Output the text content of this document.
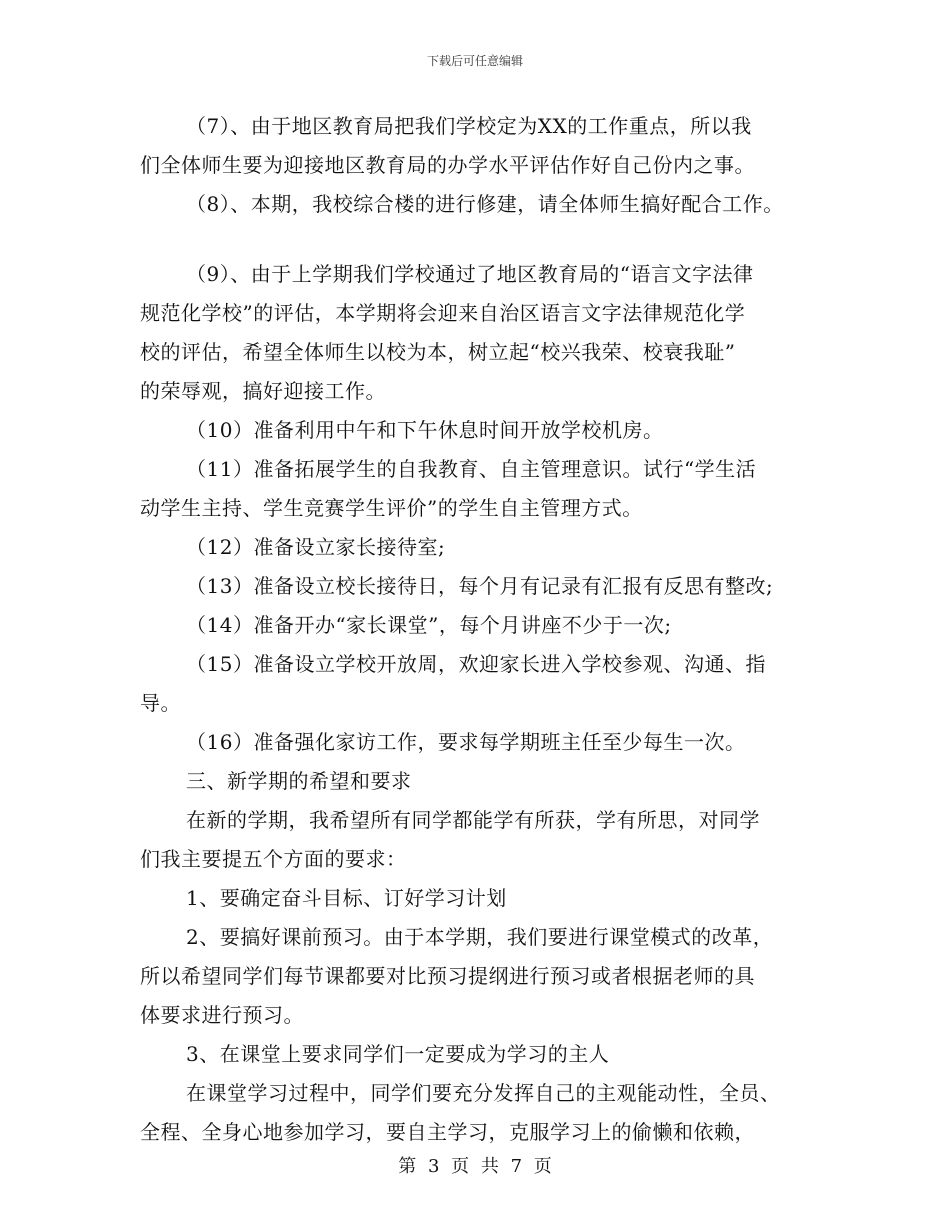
下载后可任意编辑
（7）、由于地区教育局把我们学校定为XX的工作重点，所以我
们全体师生要为迎接地区教育局的办学水平评估作好自己份内之事。
（8）、本期，我校综合楼的进行修建，请全体师生搞好配合工作。
（9）、由于上学期我们学校通过了地区教育局的“语言文字法律
规范化学校”的评估，本学期将会迎来自治区语言文字法律规范化学
校的评估，希望全体师生以校为本，树立起“校兴我荣、校衰我耻”
的荣辱观，搞好迎接工作。
（10）准备利用中午和下午休息时间开放学校机房。
（11）准备拓展学生的自我教育、自主管理意识。试行“学生活
动学生主持、学生竞赛学生评价”的学生自主管理方式。
（12）准备设立家长接待室;
（13）准备设立校长接待日，每个月有记录有汇报有反思有整改;
（14）准备开办“家长课堂”，每个月讲座不少于一次;
（15）准备设立学校开放周，欢迎家长进入学校参观、沟通、指
导。
（16）准备强化家访工作，要求每学期班主任至少每生一次。
三、新学期的希望和要求
在新的学期，我希望所有同学都能学有所获，学有所思，对同学
们我主要提五个方面的要求：
1、要确定奋斗目标、订好学习计划
2、要搞好课前预习。由于本学期，我们要进行课堂模式的改革，
所以希望同学们每节课都要对比预习提纲进行预习或者根据老师的具
体要求进行预习。
3、在课堂上要求同学们一定要成为学习的主人
在课堂学习过程中，同学们要充分发挥自己的主观能动性，全员、
全程、全身心地参加学习，要自主学习，克服学习上的偷懒和依赖，
第 3 页 共 7 页
